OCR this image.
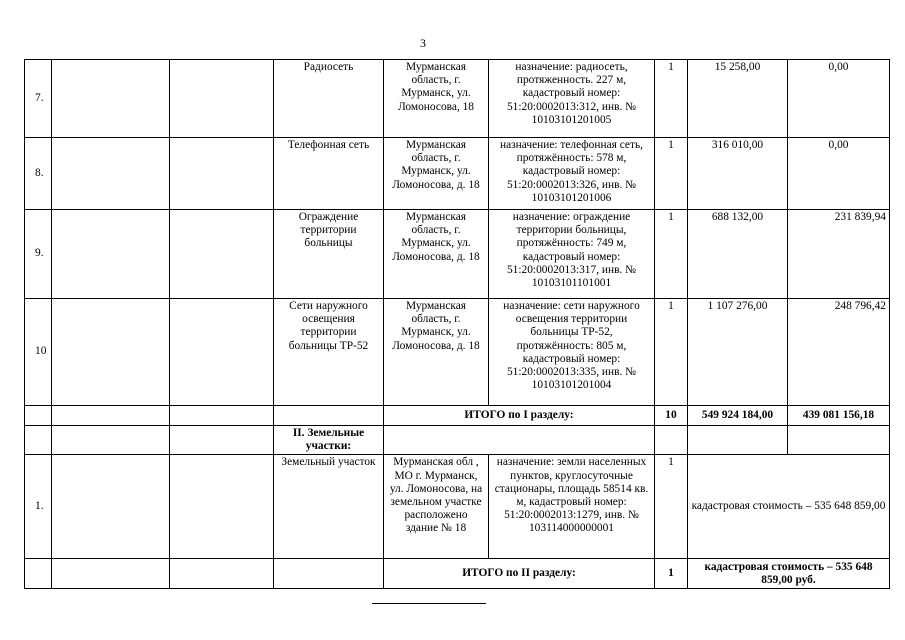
3
7.			Радиосеть	Мурманская область, г. Мурманск, ул. Ломоносова, 18	назначение: радиосеть, протяженность. 227 м, кадастровый номер: 51:20:0002013:312, инв. № 10103101201005	1	15 258,00	0,00
8.			Телефонная сеть	Мурманская область, г. Мурманск, ул. Ломоносова, д. 18	назначение: телефонная сеть, протяжённость: 578 м, кадастровый номер: 51:20:0002013:326, инв. № 10103101201006	1	316 010,00	0,00
9.			Ограждение территории больницы	Мурманская область, г. Мурманск, ул. Ломоносова, д. 18	назначение: ограждение территории больницы, протяжённость: 749 м, кадастровый номер: 51:20:0002013:317, инв. № 10103101101001	1	688 132,00	231 839,94
10			Сети наружного освещения территории больницы ТР-52	Мурманская область, г. Мурманск, ул. Ломоносова, д. 18	назначение: сети наружного освещения территории больницы ТР-52, протяжённость: 805 м, кадастровый номер: 51:20:0002013:335, инв. № 10103101201004	1	1 107 276,00	248 796,42
				ИТОГО по I разделу:		10	549 924 184,00	439 081 156,18
			II. Земельные участки:					
1.			Земельный участок	Мурманская обл , МО г. Мурманск, ул. Ломоносова, на земельном участке расположено здание № 18	назначение: земли населенных пунктов, круглосуточные стационары, площадь 58514 кв. м, кадастровый номер: 51:20:0002013:1279, инв. № 103114000000001	1	кадастровая стоимость – 535 648 859,00	
				ИТОГО по II разделу:		1	кадастровая стоимость – 535 648 859,00 руб.	
